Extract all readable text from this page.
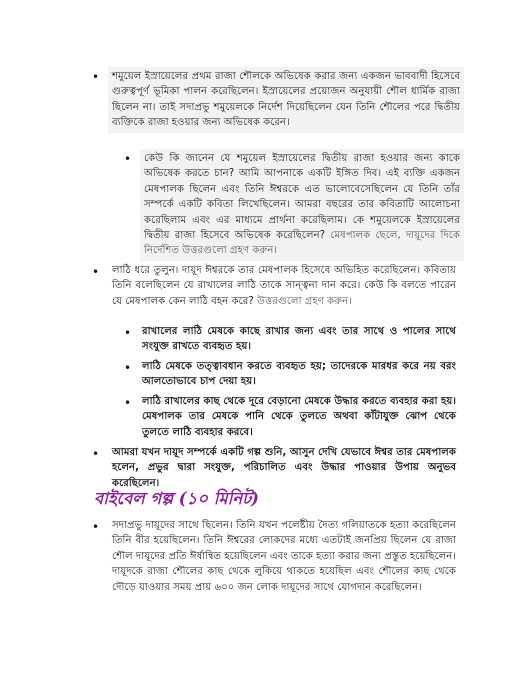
•	শমুয়েল ইস্রায়েলের প্রথম রাজা শৌলকে অভিষেক করার জন্য একজন ভাববাদী হিসেবে গুরুত্বপূর্ণ ভূমিকা পালন করেছিলেন। ইস্রায়েলের প্রয়োজন অনুযায়ী শৌল ধার্মিক রাজা ছিলেন না। তাই সদাপ্রভু শমুয়েলকে নির্দেশ দিয়েছিলেন যেন তিনি শৌলের পরে দ্বিতীয় ব্যক্তিকে রাজা হওয়ার জন্য অভিষেক করেন।
•	কেউ কি জানেন যে শমুয়েল ইস্রায়েলের দ্বিতীয় রাজা হওয়ার জন্য কাকে অভিষেক করতে চান? আমি আপনাকে একটি ইঙ্গিত দিব। এই ব্যক্তি একজন মেষপালক ছিলেন এবং তিনি ঈশ্বরকে এত ভালোবেসেছিলেন যে তিনি তাঁর সম্পর্কে একটি কবিতা লিখেছিলেন। আমরা বছরের তার কবিতাটি আলোচনা করেছিলাম এবং এর মাধ্যমে প্রার্থনা করেছিলাম। কে শমুয়েলকে ইস্রায়েলের দ্বিতীয় রাজা হিসেবে অভিষেক করেছিলেন? মেষপালক ছেলে, দায়ূদের দিকে নির্দেশিত উত্তরগুলো গ্রহণ করুন।
• লাঠি ধরে তুলুন। দায়ূদ ঈশ্বরকে তার মেষপালক হিসেবে অভিহিত করেছিলেন। কবিতায় তিনি বলেছিলেন যে রাখালের লাঠি তাকে সান্ত্বনা দান করে। কেউ কি বলতে পারেন যে মেষপালক কেন লাঠি বহন করে? উত্তরগুলো গ্রহণ করুন।
• রাখালের লাঠি মেষকে কাছে রাখার জন্য এবং তার সাথে ও পালের সাথে সংযুক্ত রাখতে ব্যবহৃত হয়।
• লাঠি মেষকে তত্ত্বাবধান করতে ব্যবহৃত হয়; তাদেরকে মারধর করে নয় বরং আলতোভাবে চাপ দেয়া হয়।
• লাঠি রাখালের কাছ থেকে দূরে বেড়ানো মেষকে উদ্ধার করতে ব্যবহার করা হয়। মেষপালক তার মেষকে পানি থেকে তুলতে অথবা কাঁটাযুক্ত ঝোপ থেকে তুলতে লাঠি ব্যবহার করবে।
• আমরা যখন দায়ূদ সম্পর্কে একটি গল্প শুনি, আসুন দেখি যেভাবে ঈশ্বর তার মেষপালক হলেন, প্রভুর দ্বারা সংযুক্ত, পরিচালিত এবং উদ্ধার পাওয়ার উপায় অনুভব করেছিলেন।
বাইবেল গল্প (১০ মিনিট)
• সদাপ্রভু দায়ূদের সাথে ছিলেন। তিনি যখন পলেষ্টীয় দৈত্য গলিয়াতকে হত্যা করেছিলেন তিনি বীর হয়েছিলেন। তিনি ঈশ্বরের লোকদের মধ্যে এতটাই জনপ্রিয় ছিলেন যে রাজা শৌল দায়ূদের প্রতি ঈর্ষান্বিত হয়েছিলেন এবং তাকে হত্যা করার জন্য প্রস্তুত হয়েছিলেন। দায়ূদকে রাজা শৌলের কাছ থেকে লুকিয়ে থাকতে হয়েছিল এবং শৌলের কাছ থেকে দৌড়ে যাওয়ার সময় প্রায় ৬০০ জন লোক দায়ূদের সাথে যোগদান করেছিলেন।
